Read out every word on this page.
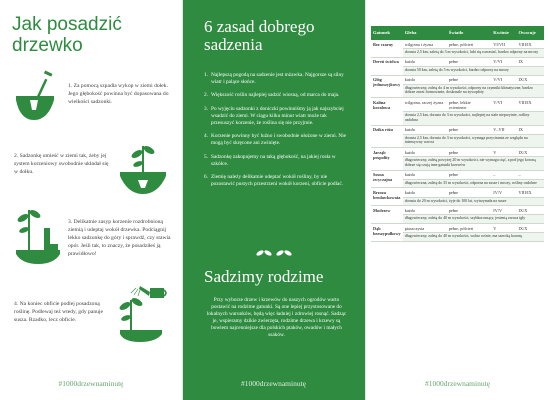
Jak posadzić drzewko
1. Za pomocą szpadla wykop w ziemi dołek. Jego głębokość powinna być dopasowana do wielkości sadzonki.
2. Sadzonkę umieść w ziemi tak, żeby jej system korzeniowy swobodnie układał się w dołku.
3. Delikatnie zasyp korzenie rozdrobnioną ziemią i udeptaj wokół drzewka. Podciągnij lekko sadzonkę do góry i sprawdź, czy stawia opór. Jeśli tak, to znaczy, że posadziłeś ją prawidłowo!
4. Na koniec obficie podlej posadzoną roślinę. Podlewaj też wtedy, gdy panuje susza. Rzadko, lecz obficie.
#1000drzewnaminutę
6 zasad dobrego sadzenia
1. Najlepszą pogodą na sadzenie jest mżawka. Najgorsze są silny wiatr i palące słońce.
2. Większość roślin najlepiej sadzić wiosną, od marca do maja.
3. Po wyjęciu sadzonki z doniczki powinniśmy ją jak najszybciej wsadzić do ziemi. W ciągu kilku minut wiatr może tak przesuszyć korzenie, że roślina się nie przyjmie.
4. Korzenie powinny być luźno i swobodnie ułożone w ziemi. Nie mogą być skręcone ani zwinięte.
5. Sadzonkę zakopujemy na taką głębokość, na jakiej rosła w szkółce.
6. Ziemię należy delikatnie udeptać wokół rośliny, by nie pozostawić pustych przestrzeni wokół korzeni, obficie podlać.
Sadzimy rodzime
Przy wyborze drzew i krzewów do naszych ogrodów warto postawić na rodzime gatunki. Są one lepiej przystosowane do lokalnych warunków, będą więc ładniej i zdrowiej rosnąć. Sadząc je, wspieramy dzikie zwierzęta, rodzime drzewa i krzewy są bowiem najcenniejsze dla polskich ptaków, owadów i małych ssaków.
#1000drzewnaminutę
Gatunek	Gleba	Światło	Kwitnie	Owocuje
Bez czarny	wilgotna i żyzna	pełne, półcień	VI/VII	VIII/IX
	dorasta 2,5 km, zaletą do 3 m wysokości, lubi się rozrastać, bardzo odporny na mrozy			
Dereń świdwa	każda	pełne	V/VI	IX
	dorasta 50 km, zaletą do 5 m wysokości, bardzo odporny na mrozy			
Głóg jednoszyjkowy	każda	pełne	V/VI	IX/X
	długowieczny, zaletą do 4 m wysokości, odporny na czynniki klimatyczne, bardzo dobrze znosi formowanie, doskonale na żywopłoty			
Kalina koralowa	wilgotna, raczej żyzna	pełne, lekkie ocienienie	V/VI	VIII/IX
	dorasta 2,5 km, dorasta do 3 m wysokości, najlepiej na stale nieprzytnie, rośliny ozdobna			
Dzika róża	każda	pełne	V–VII	IX
	dorasta 2,5 km, dorasta do 3 m wysokości, wymaga przycinania ze względu na intensywny wzrost			
Jarząb pospolity	każda	pełne	V	IX/X
	długowieczny, zaletą powyżej 20 m wysokości, nie wymaga cięć, a pod jego koroną dobrze się czują inne gatunki krzewów			
Sosna zwyczajna	każda	pełne	–	–
	długowieczna, zaletą do 35 m wysokości, odporna na susze i mrozy, rośliny ozdobne			
Brzoza brodawkowata	każda	pełne	IV/V	VIII/IX
	dorasta do 20 m wysokości, żyje do 100 lat, wytrzymała na susze			
Modrzew	każda	pełne	IV/V	IX/X
	długowieczny, zaletą do 40 m wysokości, szybkorosnący, jesienią zrzuca igły			
Dąb bezszypułkowy	piaszczysta	pełne, półcień	V	IX/X
	długowieczny, zaletą do 40 m wysokości, wolno rośnie, ma szeroką koronę			
#1000drzewnaminutę
